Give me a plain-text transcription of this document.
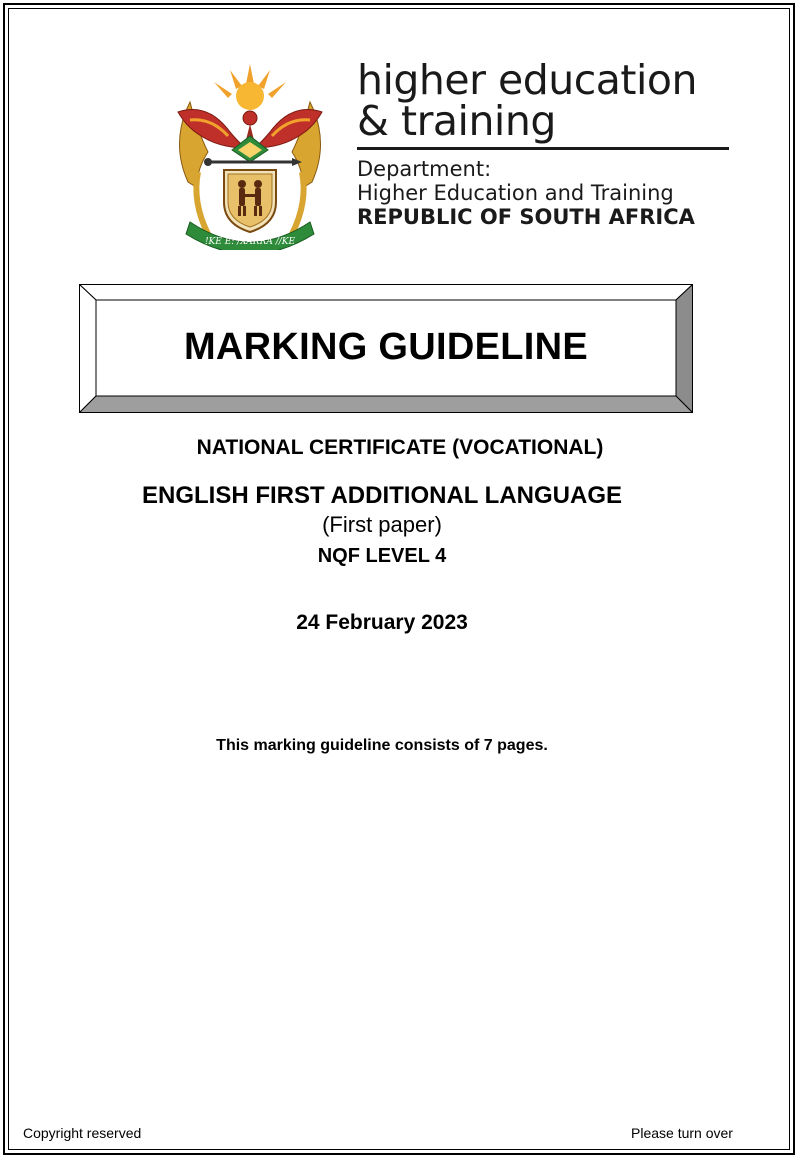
!KE E: /XARRA //KE
higher education
& training
Department:
Higher Education and Training
REPUBLIC OF SOUTH AFRICA
MARKING GUIDELINE
NATIONAL CERTIFICATE (VOCATIONAL)
ENGLISH FIRST ADDITIONAL LANGUAGE
(First paper)
NQF LEVEL 4
24 February 2023
This marking guideline consists of 7 pages.
Copyright reserved	Please turn over
